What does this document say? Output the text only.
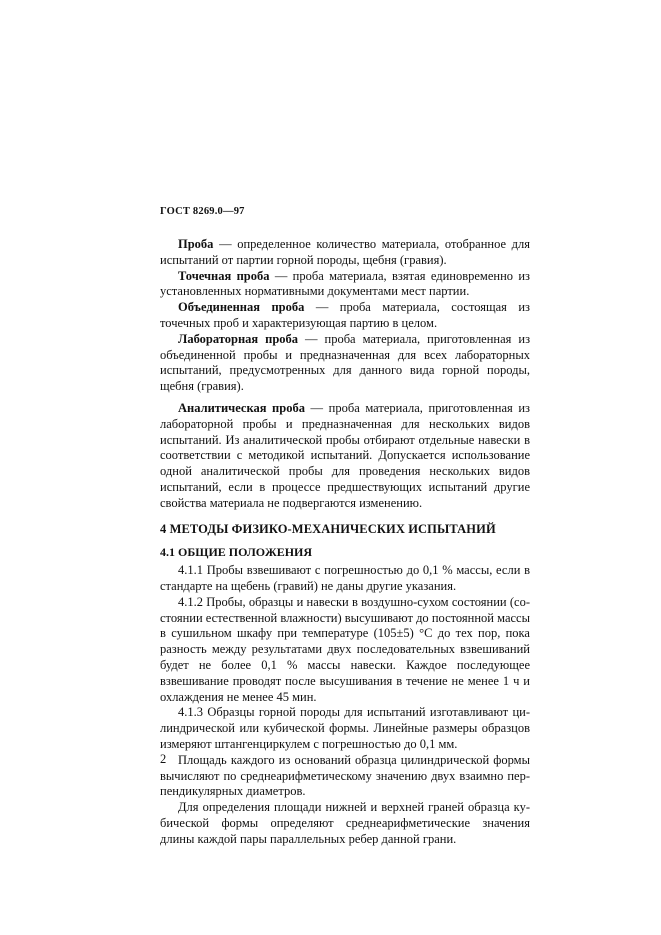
ГОСТ 8269.0—97

Проба — определенное количество материала, отобранное для испытаний от партии горной породы, щебня (гравия).

Точечная проба — проба материала, взятая единовременно из установленных нормативными документами мест партии.

Объединенная проба — проба материала, состоящая из точечных проб и характеризующая партию в целом.

Лабораторная проба — проба материала, приготовленная из объединенной пробы и предназначенная для всех лабораторных испытаний, предусмотренных для данного вида горной породы, щебня (гравия).

Аналитическая проба — проба материала, приготовленная из лабораторной пробы и предназначенная для нескольких видов испытаний. Из аналитической пробы отбирают отдельные навески в соответствии с методикой испытаний. Допускается использование одной аналитической пробы для проведения нескольких видов испытаний, если в процессе предшествующих испытаний другие свойства материала не подвергаются изменению.

4 МЕТОДЫ ФИЗИКО-МЕХАНИЧЕСКИХ ИСПЫТАНИЙ

4.1 ОБЩИЕ ПОЛОЖЕНИЯ

4.1.1 Пробы взвешивают с погрешностью до 0,1 % массы, если в стандарте на щебень (гравий) не даны другие указания.

4.1.2 Пробы, образцы и навески в воздушно-сухом состоянии (состоянии естественной влажности) высушивают до постоянной массы в сушильном шкафу при температуре (105±5) °С до тех пор, пока разность между результатами двух последовательных взвешиваний будет не более 0,1 % массы навески. Каждое последующее взвешивание проводят после высушивания в течение не менее 1 ч и охлаждения не менее 45 мин.

4.1.3 Образцы горной породы для испытаний изготавливают цилиндрической или кубической формы. Линейные размеры образцов измеряют штангенциркулем с погрешностью до 0,1 мм.

Площадь каждого из оснований образца цилиндрической формы вычисляют по среднеарифметическому значению двух взаимно перпендикулярных диаметров.

Для определения площади нижней и верхней граней образца кубической формы определяют среднеарифметические значения длины каждой пары параллельных ребер данной грани.

2
